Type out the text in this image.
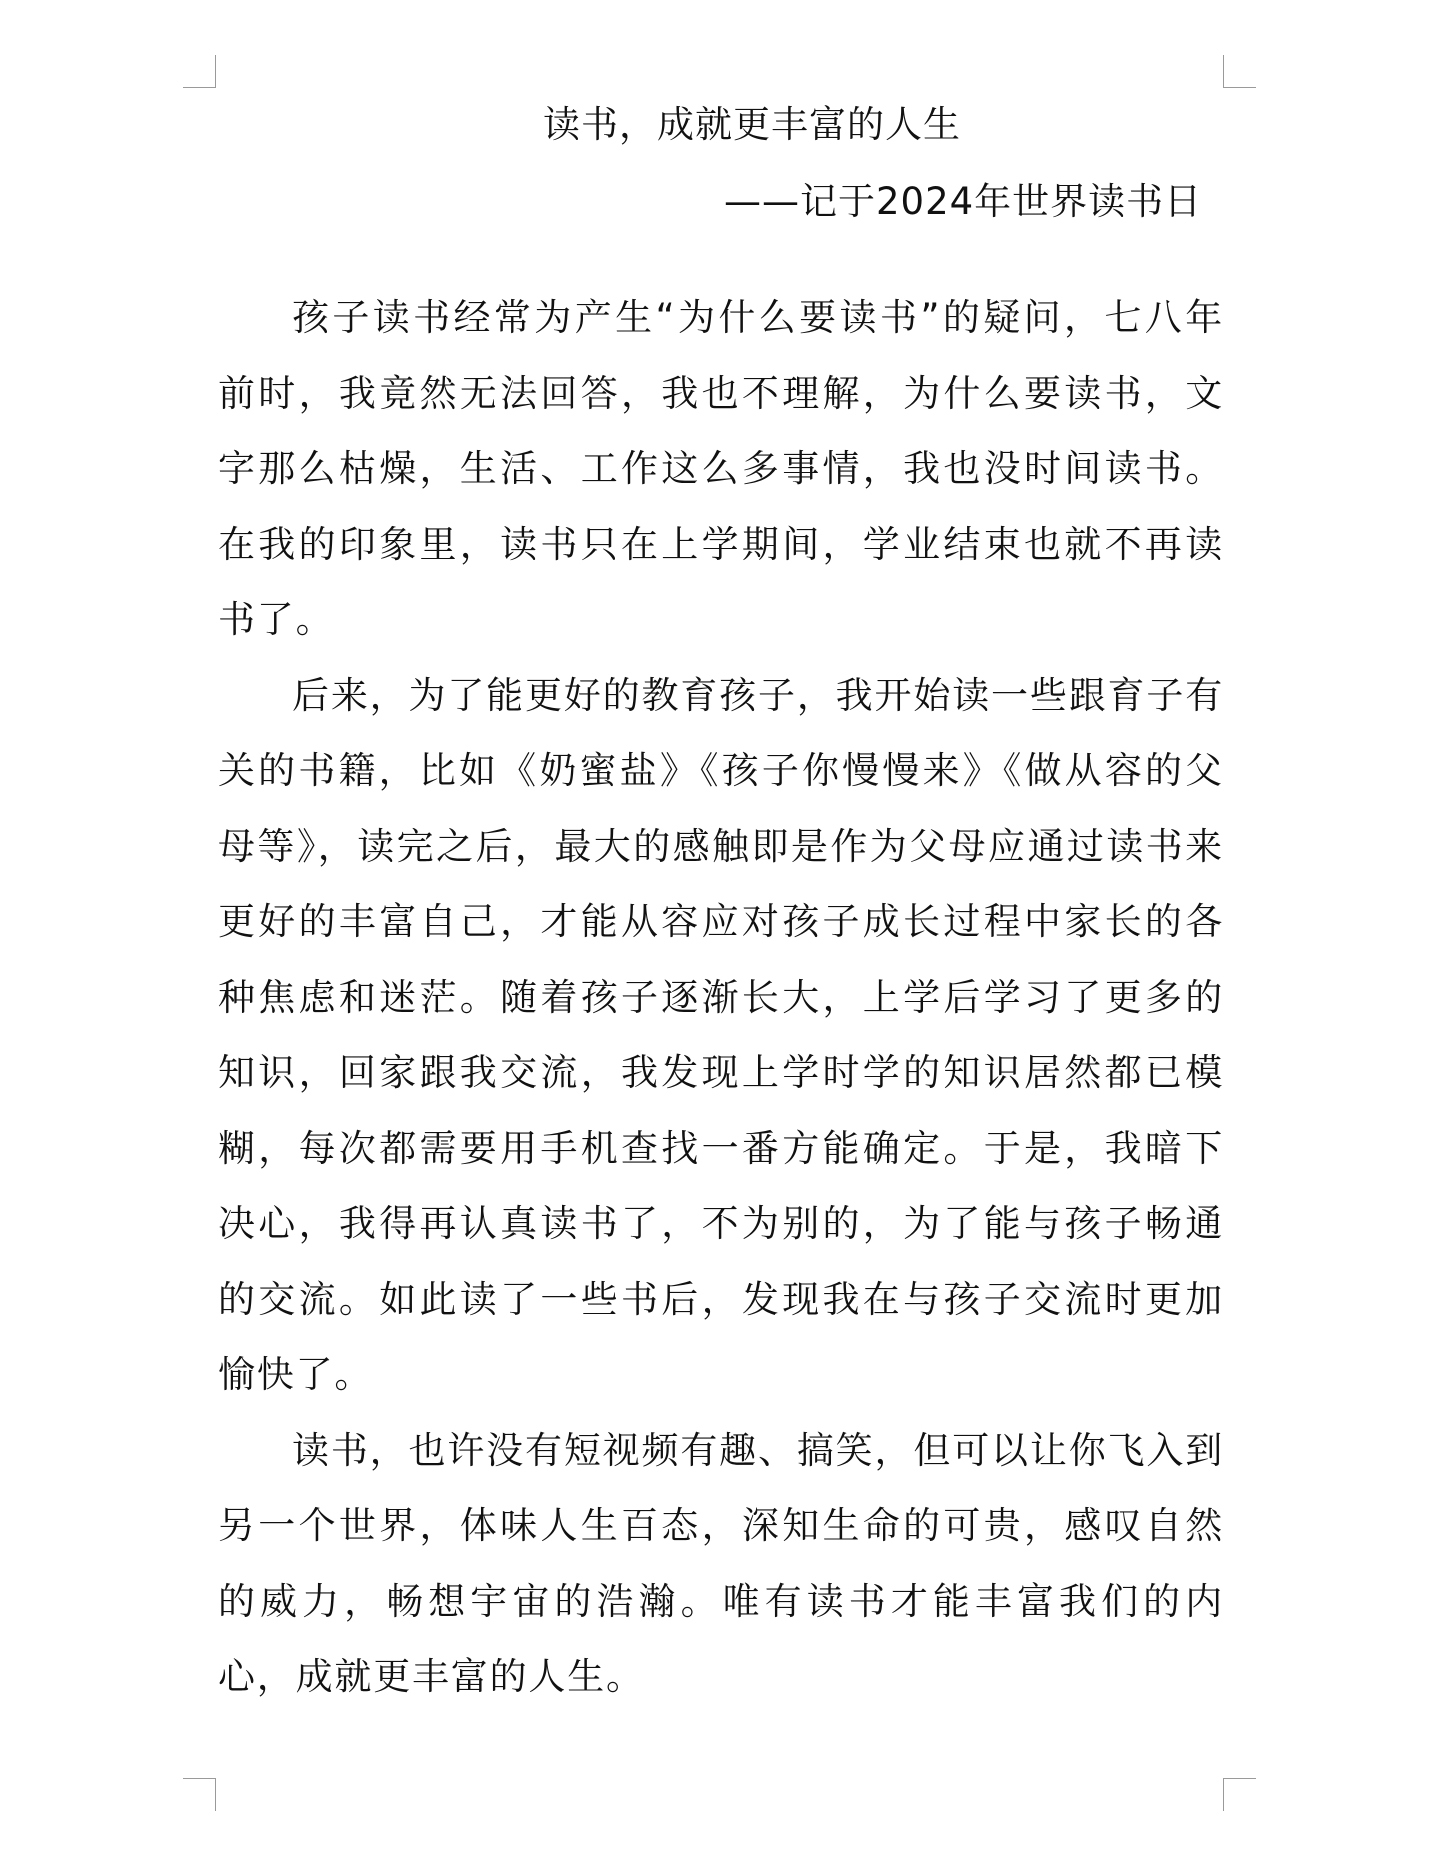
读书，成就更丰富的人生
——记于2024年世界读书日

孩子读书经常为产生“为什么要读书”的疑问，七八年前时，我竟然无法回答，我也不理解，为什么要读书，文字那么枯燥，生活、工作这么多事情，我也没时间读书。在我的印象里，读书只在上学期间，学业结束也就不再读书了。

后来，为了能更好的教育孩子，我开始读一些跟育子有关的书籍，比如《奶蜜盐》《孩子你慢慢来》《做从容的父母等》，读完之后，最大的感触即是作为父母应通过读书来更好的丰富自己，才能从容应对孩子成长过程中家长的各种焦虑和迷茫。随着孩子逐渐长大，上学后学习了更多的知识，回家跟我交流，我发现上学时学的知识居然都已模糊，每次都需要用手机查找一番方能确定。于是，我暗下决心，我得再认真读书了，不为别的，为了能与孩子畅通的交流。如此读了一些书后，发现我在与孩子交流时更加愉快了。

读书，也许没有短视频有趣、搞笑，但可以让你飞入到另一个世界，体味人生百态，深知生命的可贵，感叹自然的威力，畅想宇宙的浩瀚。唯有读书才能丰富我们的内心，成就更丰富的人生。
